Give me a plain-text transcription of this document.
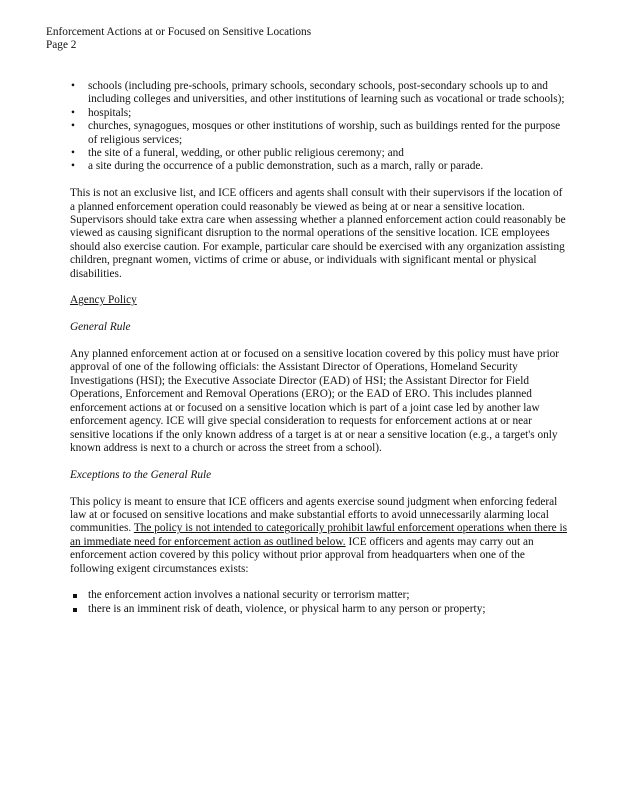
Enforcement Actions at or Focused on Sensitive Locations
Page 2
• schools (including pre-schools, primary schools, secondary schools, post-secondary schools up to and including colleges and universities, and other institutions of learning such as vocational or trade schools);
• hospitals;
• churches, synagogues, mosques or other institutions of worship, such as buildings rented for the purpose of religious services;
• the site of a funeral, wedding, or other public religious ceremony; and
• a site during the occurrence of a public demonstration, such as a march, rally or parade.

This is not an exclusive list, and ICE officers and agents shall consult with their supervisors if the location of a planned enforcement operation could reasonably be viewed as being at or near a sensitive location. Supervisors should take extra care when assessing whether a planned enforcement action could reasonably be viewed as causing significant disruption to the normal operations of the sensitive location. ICE employees should also exercise caution. For example, particular care should be exercised with any organization assisting children, pregnant women, victims of crime or abuse, or individuals with significant mental or physical disabilities.

Agency Policy

General Rule

Any planned enforcement action at or focused on a sensitive location covered by this policy must have prior approval of one of the following officials: the Assistant Director of Operations, Homeland Security Investigations (HSI); the Executive Associate Director (EAD) of HSI; the Assistant Director for Field Operations, Enforcement and Removal Operations (ERO); or the EAD of ERO. This includes planned enforcement actions at or focused on a sensitive location which is part of a joint case led by another law enforcement agency. ICE will give special consideration to requests for enforcement actions at or near sensitive locations if the only known address of a target is at or near a sensitive location (e.g., a target's only known address is next to a church or across the street from a school).

Exceptions to the General Rule

This policy is meant to ensure that ICE officers and agents exercise sound judgment when enforcing federal law at or focused on sensitive locations and make substantial efforts to avoid unnecessarily alarming local communities. The policy is not intended to categorically prohibit lawful enforcement operations when there is an immediate need for enforcement action as outlined below. ICE officers and agents may carry out an enforcement action covered by this policy without prior approval from headquarters when one of the following exigent circumstances exists:

the enforcement action involves a national security or terrorism matter;
there is an imminent risk of death, violence, or physical harm to any person or property;
